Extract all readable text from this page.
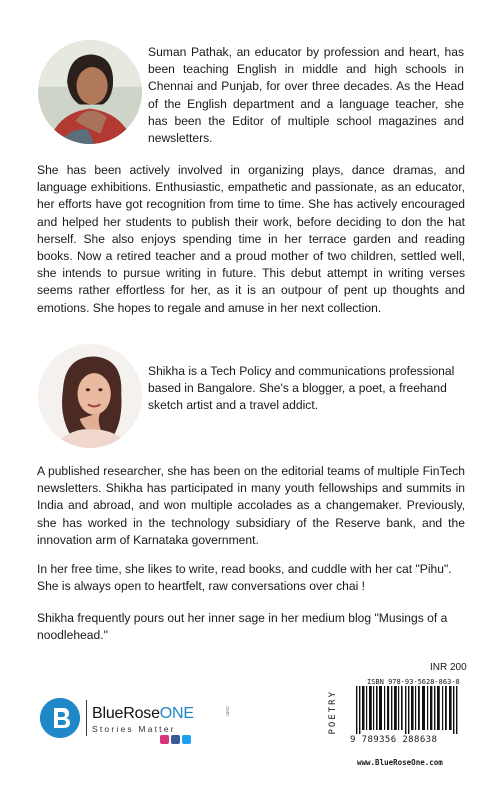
Suman Pathak, an educator by profession and heart, has been teaching English in middle and high schools in Chennai and Punjab, for over three decades. As the Head of the English department and a language teacher, she has been the Editor of multiple school magazines and newsletters.
She has been actively involved in organizing plays, dance dramas, and language exhibitions. Enthusiastic, empathetic and passionate, as an educator, her efforts have got recognition from time to time. She has actively encouraged and helped her students to publish their work, before deciding to don the hat herself. She also enjoys spending time in her terrace garden and reading books. Now a retired teacher and a proud mother of two children, settled well, she intends to pursue writing in future. This debut attempt in writing verses seems rather effortless for her, as it is an outpour of pent up thoughts and emotions. She hopes to regale and amuse in her next collection.
Shikha is a Tech Policy and communications professional based in Bangalore. She's a blogger, a poet, a freehand sketch artist and a travel addict.
A published researcher, she has been on the editorial teams of multiple FinTech newsletters. Shikha has participated in many youth fellowships and summits in India and abroad, and won multiple accolades as a changemaker. Previously, she has worked in the technology subsidiary of the Reserve bank, and the innovation arm of Karnataka government.
In her free time, she likes to write, read books, and cuddle with her cat "Pihu". She is always open to heartfelt, raw conversations over chai !
Shikha frequently pours out her inner sage in her medium blog "Musings of a noodlehead."
BlueRoseONE	.com
Stories Matter
INR 200
POETRY
ISBN 978-93-5628-863-8
9 789356 288638
www.BlueRoseOne.com
